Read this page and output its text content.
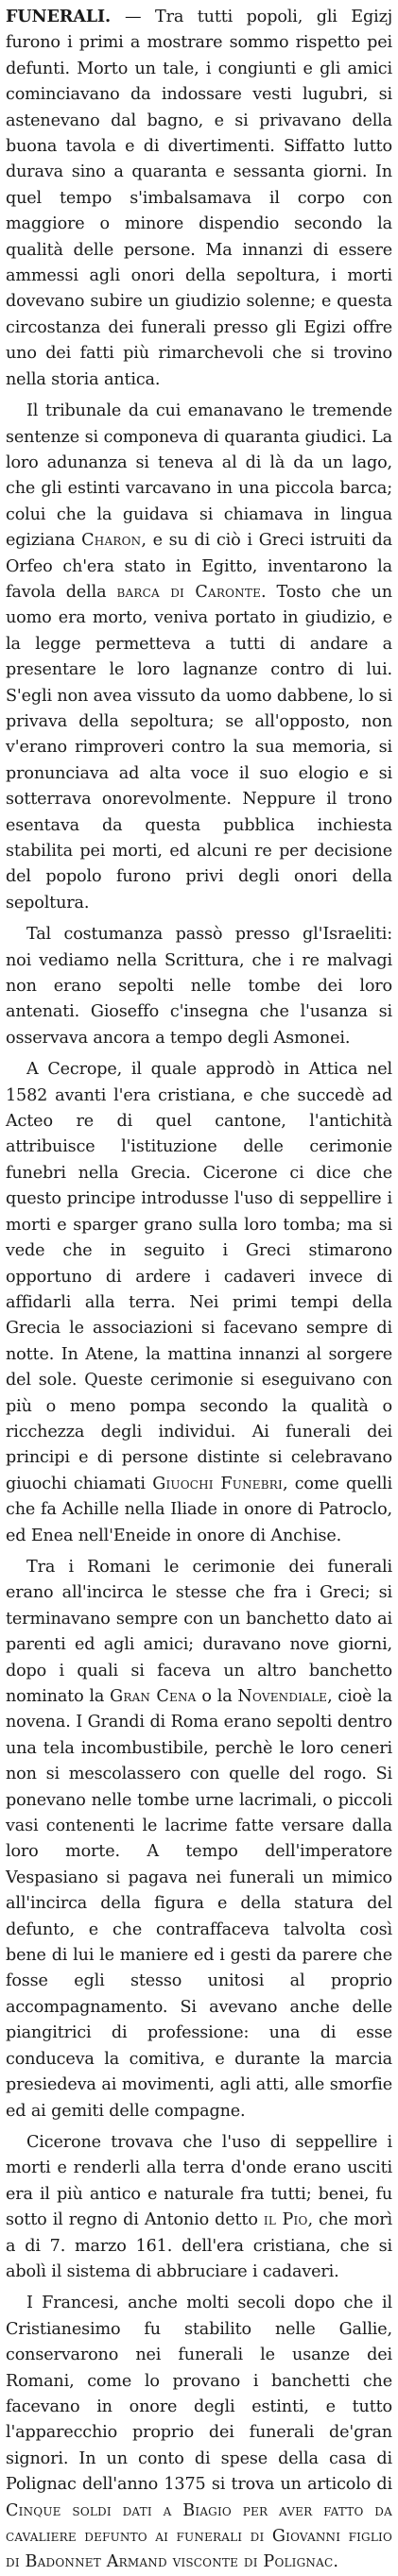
FUNERALI. — Tra tutti popoli, gli Egizj furono i primi a mostrare sommo rispetto pei defunti. Morto un tale, i congiunti e gli amici cominciavano da indossare vesti lugubri, si astenevano dal bagno, e si privavano della buona tavola e di divertimenti. Siffatto lutto durava sino a quaranta e sessanta giorni. In quel tempo s'imbalsamava il corpo con maggiore o minore dispendio secondo la qualità delle persone. Ma innanzi di essere ammessi agli onori della sepoltura, i morti dovevano subire un giudizio solenne; e questa circostanza dei funerali presso gli Egizi offre uno dei fatti più rimarchevoli che si trovino nella storia antica.

Il tribunale da cui emanavano le tremende sentenze si componeva di quaranta giudici. La loro adunanza si teneva al di là da un lago, che gli estinti varcavano in una piccola barca; colui che la guidava si chiamava in lingua egiziana Charon, e su di ciò i Greci istruiti da Orfeo ch'era stato in Egitto, inventarono la favola della barca di Caronte. Tosto che un uomo era morto, veniva portato in giudizio, e la legge permetteva a tutti di andare a presentare le loro lagnanze contro di lui. S'egli non avea vissuto da uomo dabbene, lo si privava della sepoltura; se all'opposto, non v'erano rimproveri contro la sua memoria, si pronunciava ad alta voce il suo elogio e si sotterrava onorevolmente. Neppure il trono esentava da questa pubblica inchiesta stabilita pei morti, ed alcuni re per decisione del popolo furono privi degli onori della sepoltura.

Tal costumanza passò presso gl'Israeliti: noi vediamo nella Scrittura, che i re malvagi non erano sepolti nelle tombe dei loro antenati. Gioseffo c'insegna che l'usanza si osservava ancora a tempo degli Asmonei.

A Cecrope, il quale approdò in Attica nel 1582 avanti l'era cristiana, e che succedè ad Acteo re di quel cantone, l'antichità attribuisce l'istituzione delle cerimonie funebri nella Grecia. Cicerone ci dice che questo principe introdusse l'uso di seppellire i morti e sparger grano sulla loro tomba; ma si vede che in seguito i Greci stimarono opportuno di ardere i cadaveri invece di affidarli alla terra. Nei primi tempi della Grecia le associazioni si facevano sempre di notte. In Atene, la mattina innanzi al sorgere del sole. Queste cerimonie si eseguivano con più o meno pompa secondo la qualità o ricchezza degli individui. Ai funerali dei principi e di persone distinte si celebravano giuochi chiamati Giuochi Funebri, come quelli che fa Achille nella Iliade in onore di Patroclo, ed Enea nell'Eneide in onore di Anchise.

Tra i Romani le cerimonie dei funerali erano all'incirca le stesse che fra i Greci; si terminavano sempre con un banchetto dato ai parenti ed agli amici; duravano nove giorni, dopo i quali si faceva un altro banchetto nominato la Gran Cena o la Novendiale, cioè la novena. I Grandi di Roma erano sepolti dentro una tela incombustibile, perchè le loro ceneri non si mescolassero con quelle del rogo. Si ponevano nelle tombe urne lacrimali, o piccoli vasi contenenti le lacrime fatte versare dalla loro morte. A tempo dell'imperatore Vespasiano si pagava nei funerali un mimico all'incirca della figura e della statura del defunto, e che contraffaceva talvolta così bene di lui le maniere ed i gesti da parere che fosse egli stesso unitosi al proprio accompagnamento. Si avevano anche delle piangitrici di professione: una di esse conduceva la comitiva, e durante la marcia presiedeva ai movimenti, agli atti, alle smorfie ed ai gemiti delle compagne.

Cicerone trovava che l'uso di seppellire i morti e renderli alla terra d'onde erano usciti era il più antico e naturale fra tutti; benei, fu sotto il regno di Antonio detto il Pio, che morì a di 7. marzo 161. dell'era cristiana, che si abolì il sistema di abbruciare i cadaveri.

I Francesi, anche molti secoli dopo che il Cristianesimo fu stabilito nelle Gallie, conservarono nei funerali le usanze dei Romani, come lo provano i banchetti che facevano in onore degli estinti, e tutto l'apparecchio proprio dei funerali de'gran signori. In un conto di spese della casa di Polignac dell'anno 1375 si trova un articolo di Cinque soldi dati a Biagio per aver fatto da cavaliere defunto ai funerali di Giovanni figlio di Badonnet Armand visconte di Polignac.
